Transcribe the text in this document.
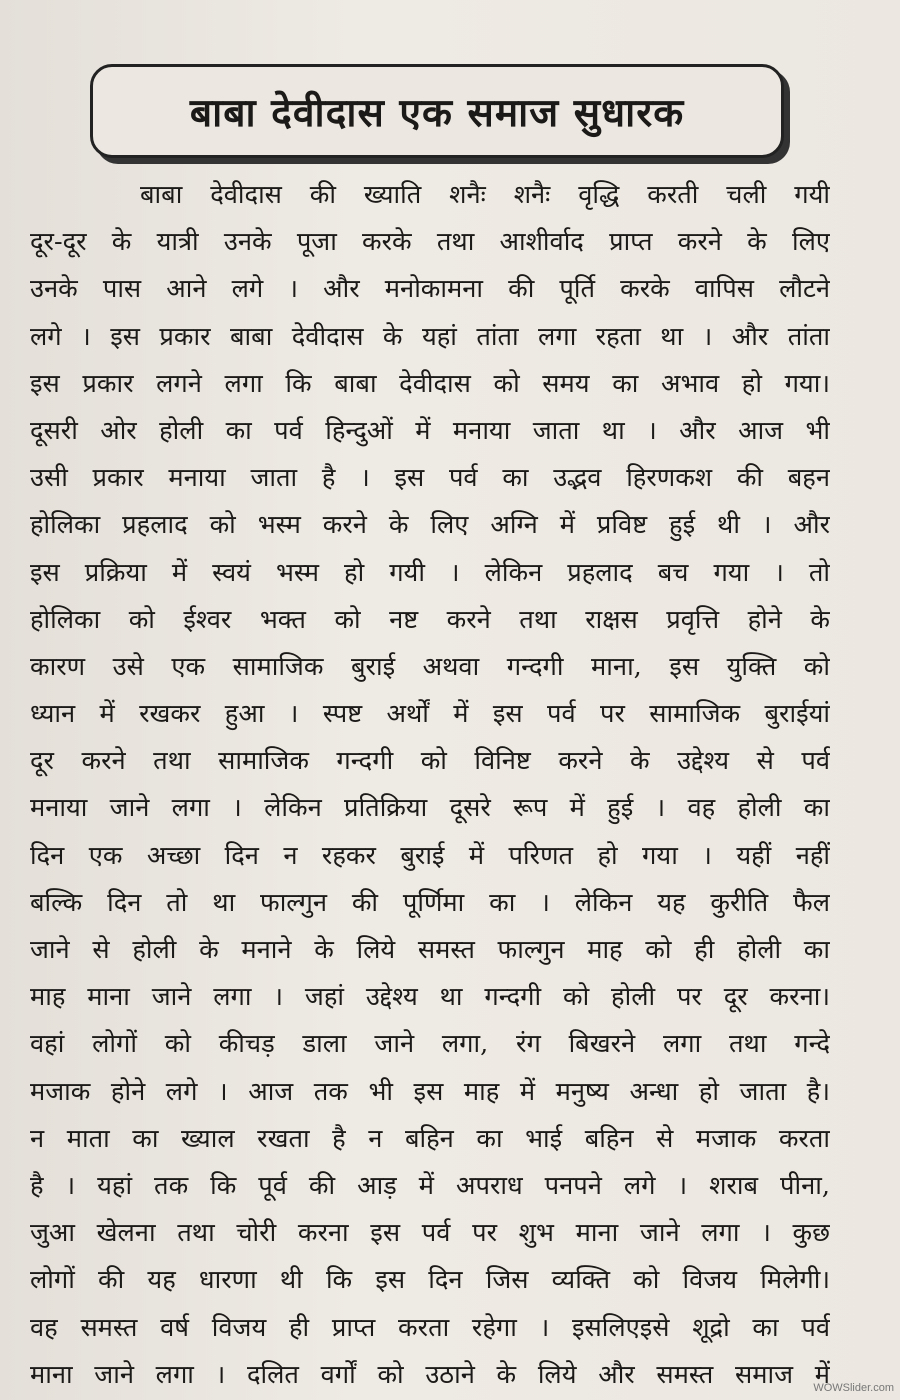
बाबा देवीदास एक समाज सुधारक
बाबा देवीदास की ख्याति शनैः शनैः वृद्धि करती चली गयी
दूर-दूर के यात्री उनके पूजा करके तथा आशीर्वाद प्राप्त करने के लिए
उनके पास आने लगे । और मनोकामना की पूर्ति करके वापिस लौटने
लगे । इस प्रकार बाबा देवीदास के यहां तांता लगा रहता था । और तांता
इस प्रकार लगने लगा कि बाबा देवीदास को समय का अभाव हो गया।
दूसरी ओर होली का पर्व हिन्दुओं में मनाया जाता था । और आज भी
उसी प्रकार मनाया जाता है । इस पर्व का उद्भव हिरणकश की बहन
होलिका प्रहलाद को भस्म करने के लिए अग्नि में प्रविष्ट हुई थी । और
इस प्रक्रिया में स्वयं भस्म हो गयी । लेकिन प्रहलाद बच गया । तो
होलिका को ईश्वर भक्त को नष्ट करने तथा राक्षस प्रवृत्ति होने के
कारण उसे एक सामाजिक बुराई अथवा गन्दगी माना, इस युक्ति को
ध्यान में रखकर हुआ । स्पष्ट अर्थों में इस पर्व पर सामाजिक बुराईयां
दूर करने तथा सामाजिक गन्दगी को विनिष्ट करने के उद्देश्य से पर्व
मनाया जाने लगा । लेकिन प्रतिक्रिया दूसरे रूप में हुई । वह होली का
दिन एक अच्छा दिन न रहकर बुराई में परिणत हो गया । यहीं नहीं
बल्कि दिन तो था फाल्गुन की पूर्णिमा का । लेकिन यह कुरीति फैल
जाने से होली के मनाने के लिये समस्त फाल्गुन माह को ही होली का
माह माना जाने लगा । जहां उद्देश्य था गन्दगी को होली पर दूर करना।
वहां लोगों को कीचड़ डाला जाने लगा, रंग बिखरने लगा तथा गन्दे
मजाक होने लगे । आज तक भी इस माह में मनुष्य अन्धा हो जाता है।
न माता का ख्याल रखता है न बहिन का भाई बहिन से मजाक करता
है । यहां तक कि पूर्व की आड़ में अपराध पनपने लगे । शराब पीना,
जुआ खेलना तथा चोरी करना इस पर्व पर शुभ माना जाने लगा । कुछ
लोगों की यह धारणा थी कि इस दिन जिस व्यक्ति को विजय मिलेगी।
वह समस्त वर्ष विजय ही प्राप्त करता रहेगा । इसलिएइसे शूद्रो का पर्व
माना जाने लगा । दलित वर्गों को उठाने के लिये और समस्त समाज में
WOWSlider.com
